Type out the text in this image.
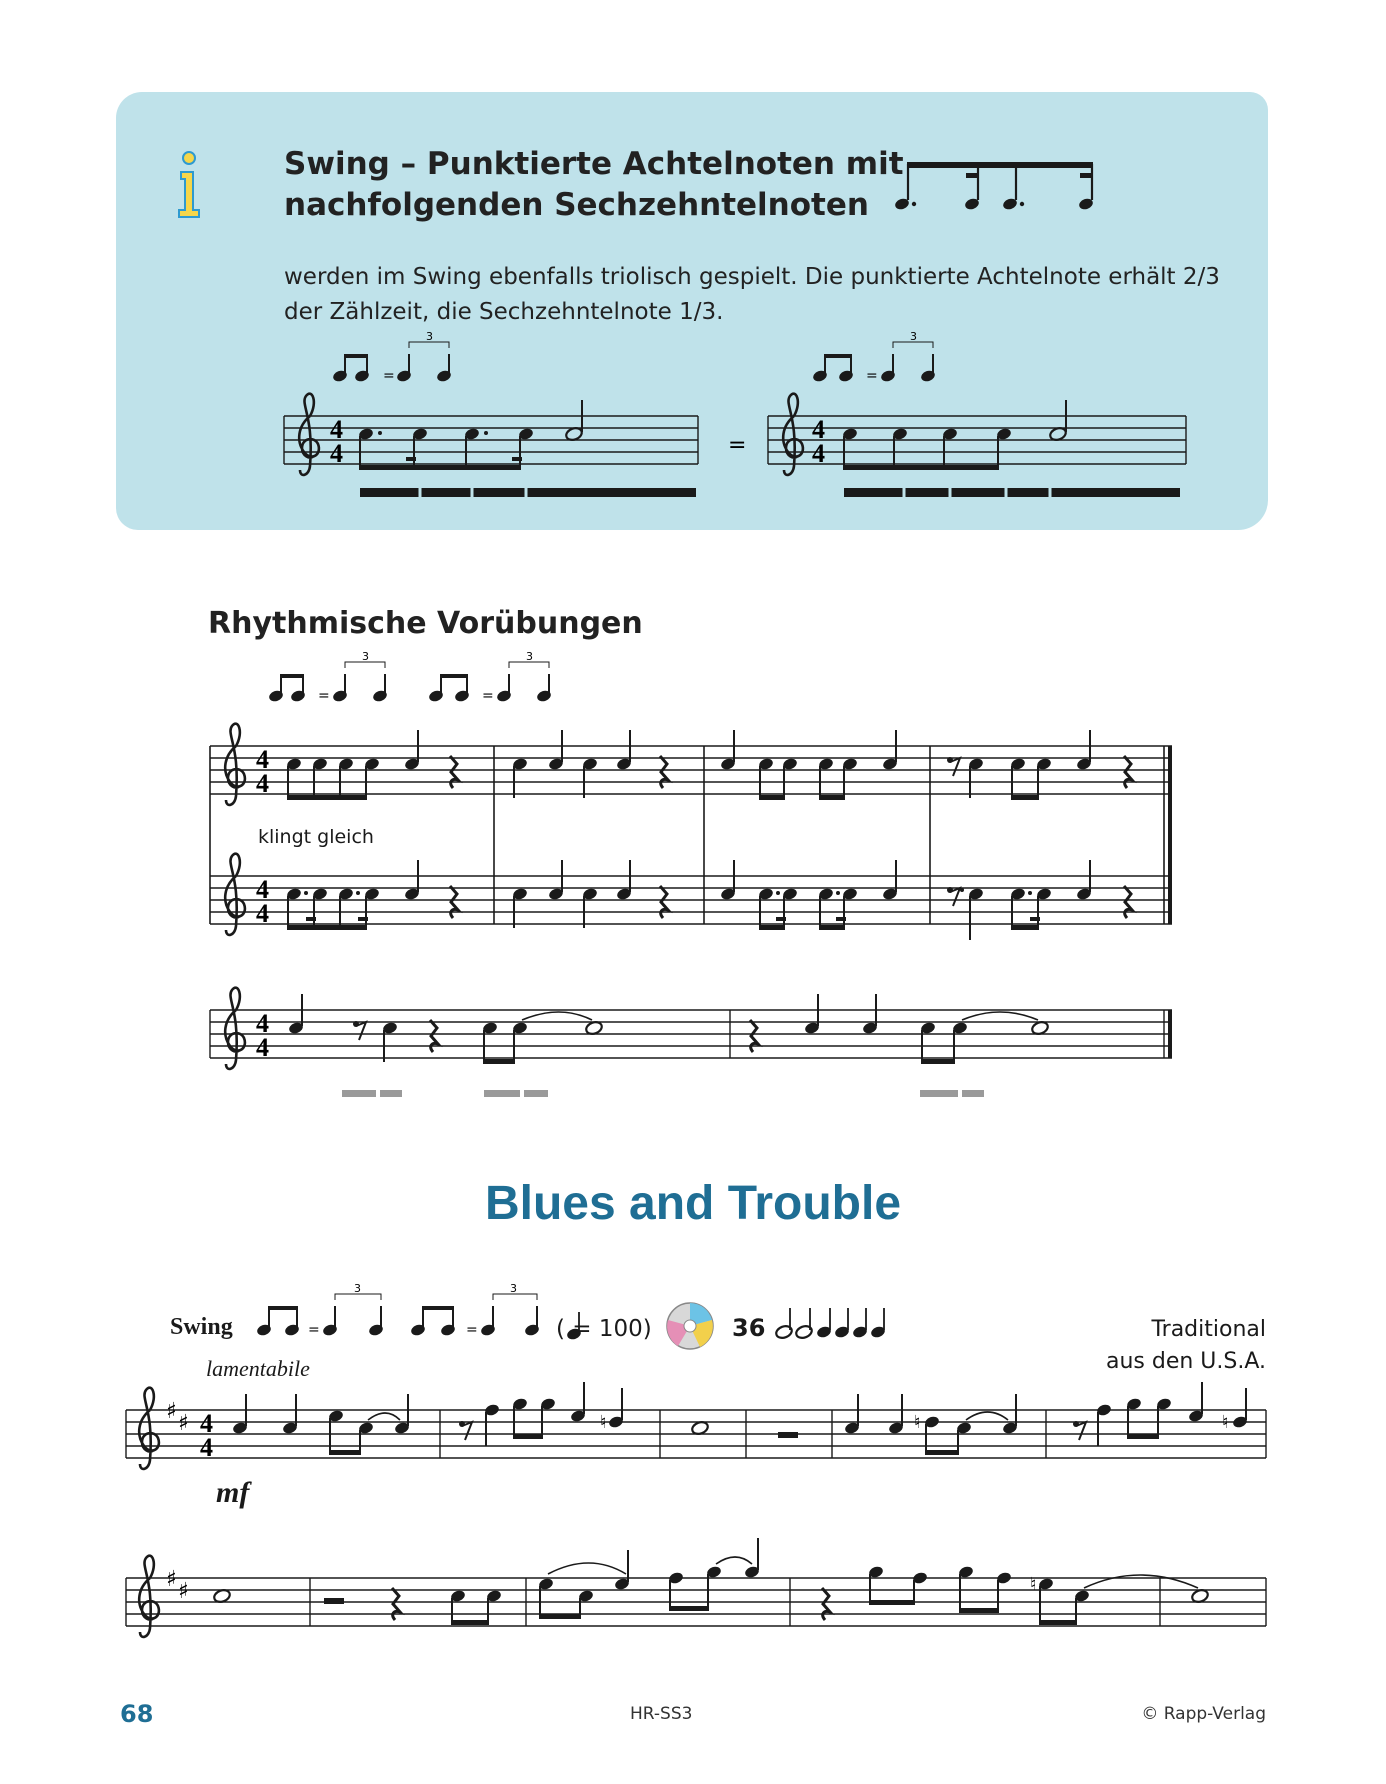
Swing – Punktierte Achtelnoten mit
nachfolgenden Sechzehntelnoten
werden im Swing ebenfalls triolisch gespielt. Die punktierte Achtelnote erhält 2/3
der Zählzeit, die Sechzehntelnote 1/3.
4
4	=
4
4
=
3
=
3
=
3
=
3
4
4
4
4
4
4
=
3
=
3
♯ ♯ 4
4
♮	♮	♮
♯ ♯	♮
Rhythmische Vorübungen
klingt gleich
Blues and Trouble
Swing	( = 100)	36	Traditional
aus den U.S.A.
lamentabile
mf
68	HR-SS3	© Rapp-Verlag
